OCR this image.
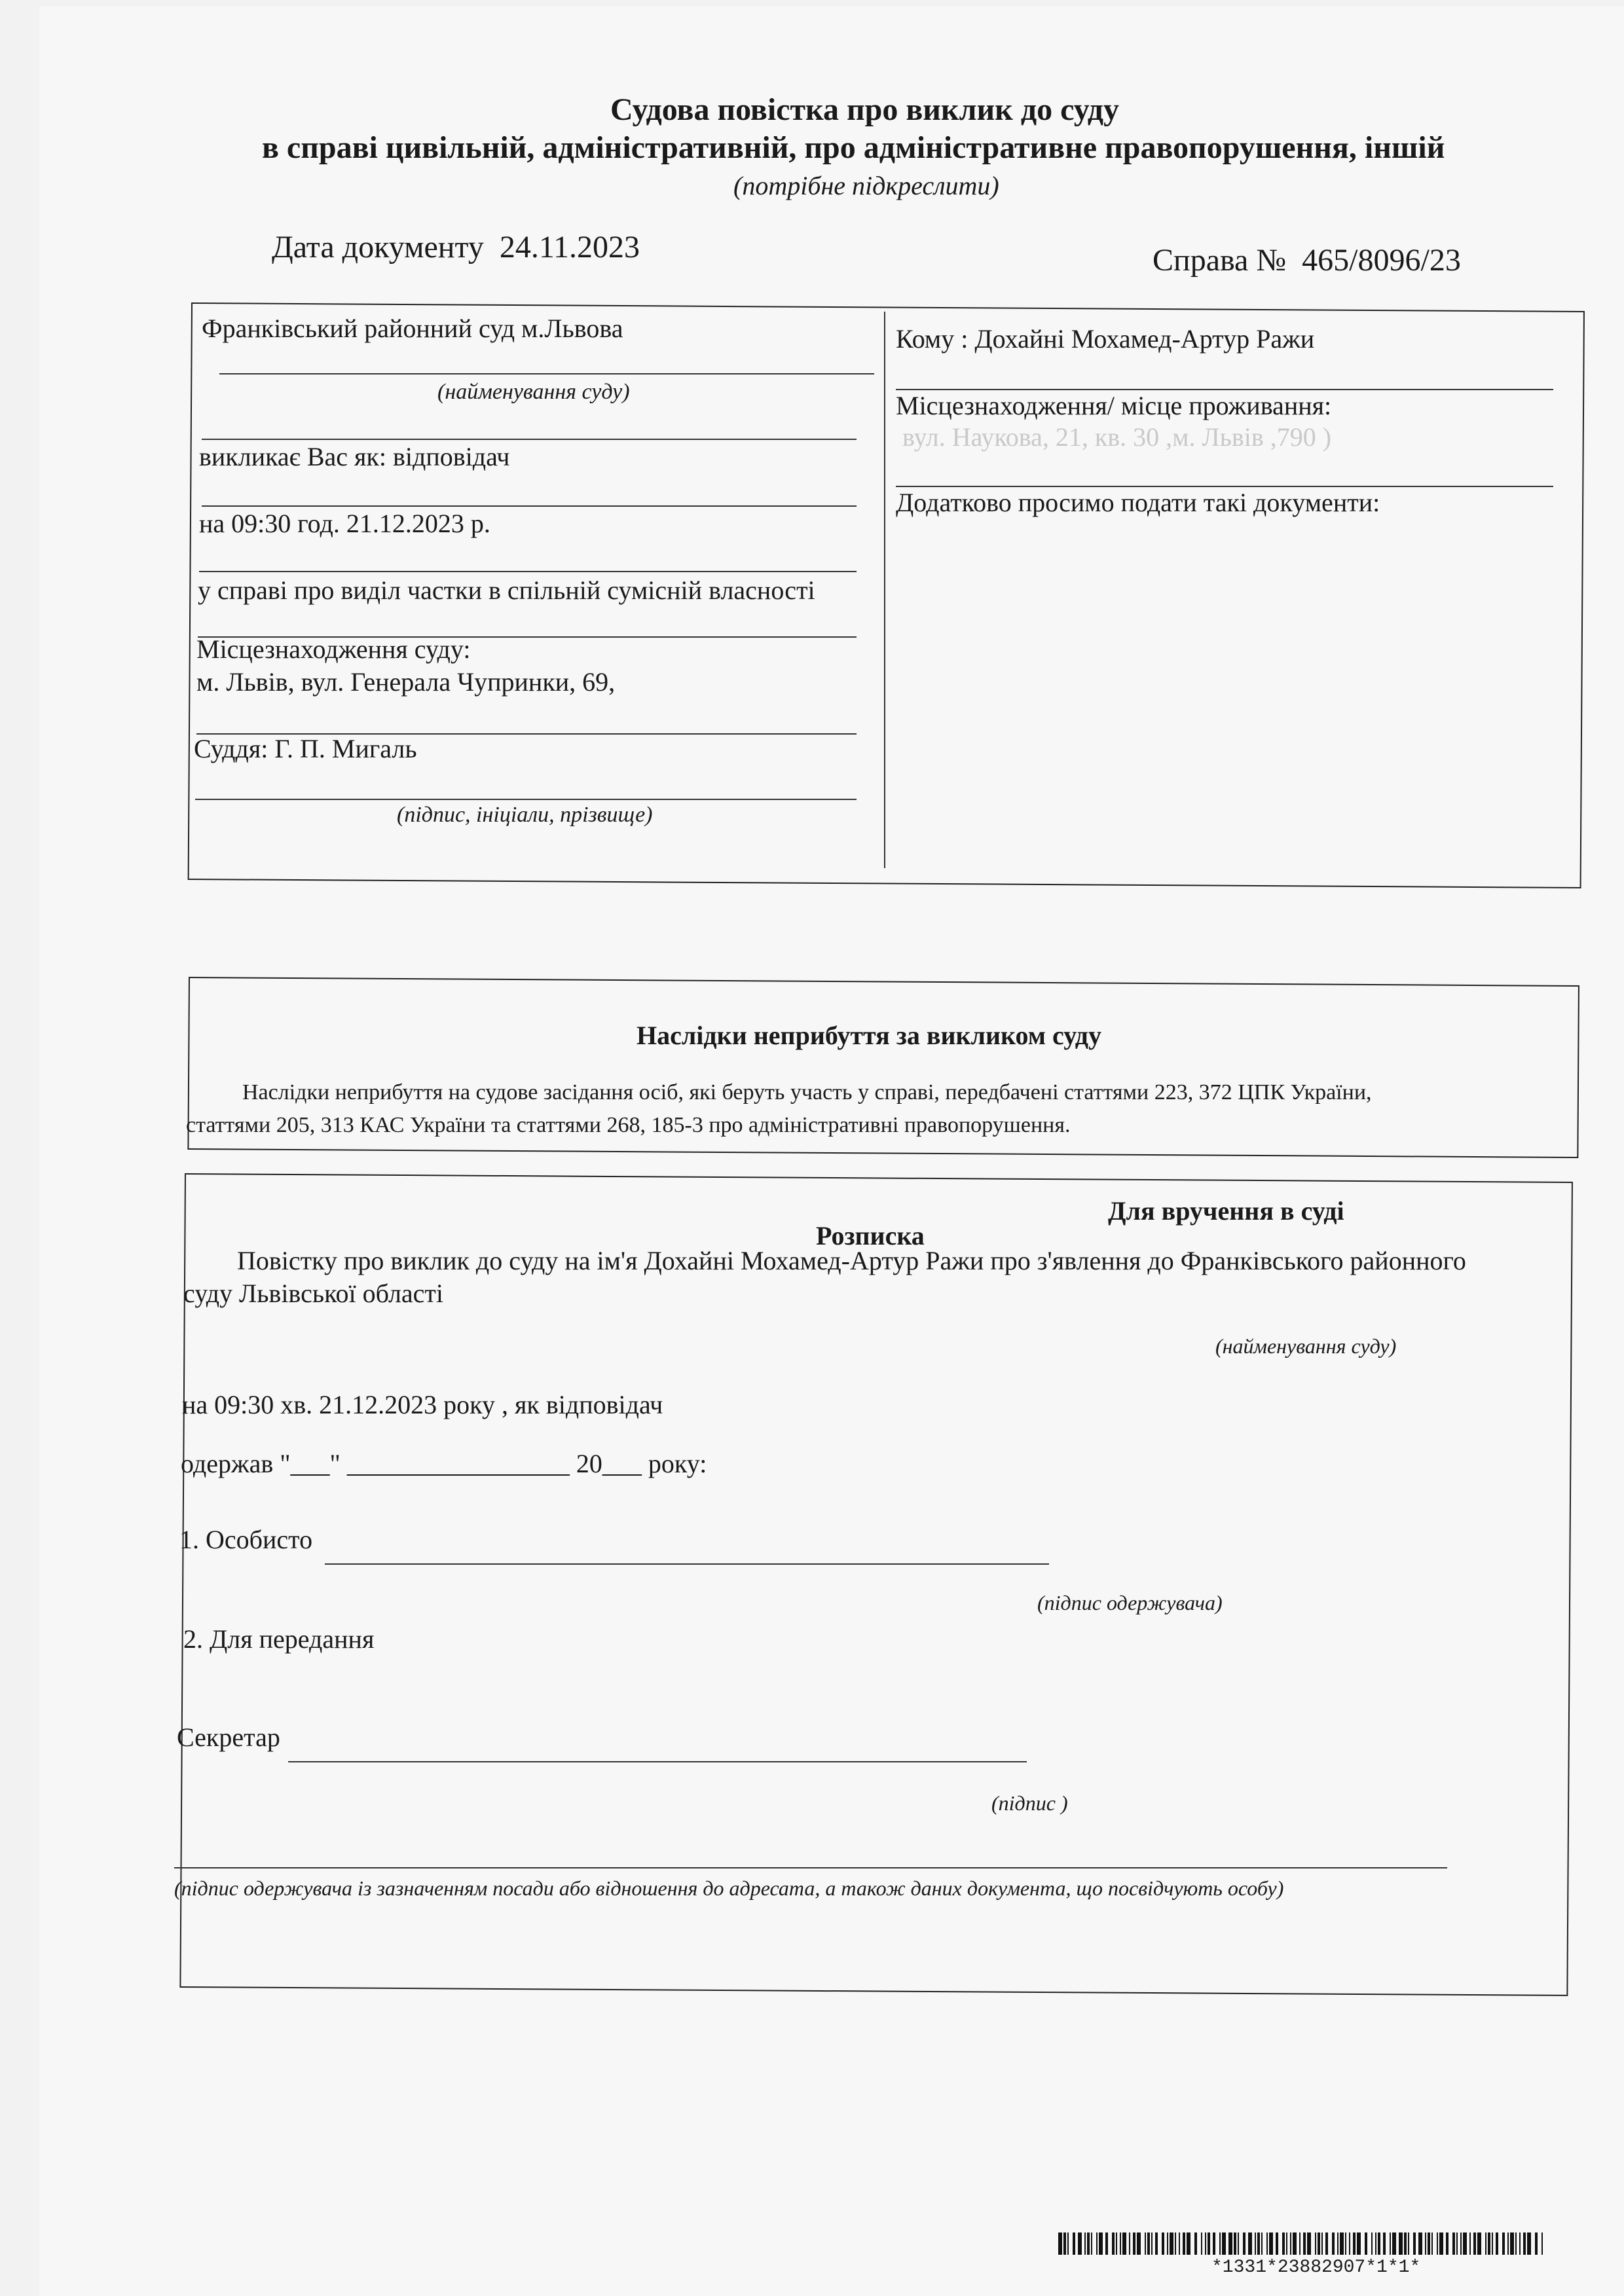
Судова повістка про виклик до суду
в справі цивільній, адміністративній, про адміністративне правопорушення, іншій
(потрібне підкреслити)
Дата документу 24.11.2023	Справа № 465/8096/23
Франківський районний суд м.Львова
(найменування суду)
викликає Вас як: відповідач
на 09:30 год. 21.12.2023 р.
у справі про виділ частки в спільній сумісній власності
Місцезнаходження суду:
м. Львів, вул. Генерала Чупринки, 69,
Суддя: Г. П. Мигаль
(підпис, ініціали, прізвище)
Кому : Дохайні Мохамед-Артур Ражи
Місцезнаходження/ місце проживання:
вул. Наукова, 21, кв. 30 ,м. Львів ,790 )
Додатково просимо подати такі документи:
Наслідки неприбуття за викликом суду
Наслідки неприбуття на судове засідання осіб, які беруть участь у справі, передбачені статтями 223, 372 ЦПК України,
статтями 205, 313 КАС України та статтями 268, 185-3 про адміністративні правопорушення.
Для вручення в суді
Розписка
Повістку про виклик до суду на ім'я Дохайні Мохамед-Артур Ражи про з'явлення до Франківського районного
суду Львівської області
(найменування суду)
на 09:30 хв. 21.12.2023 року , як відповідач
одержав "___" _________________ 20___ року:
1. Особисто
(підпис одержувача)
2. Для передання
Секретар
(підпис )
(підпис одержувача із зазначенням посади або відношення до адресата, а також даних документа, що посвідчують особу)
*1331*23882907*1*1*
